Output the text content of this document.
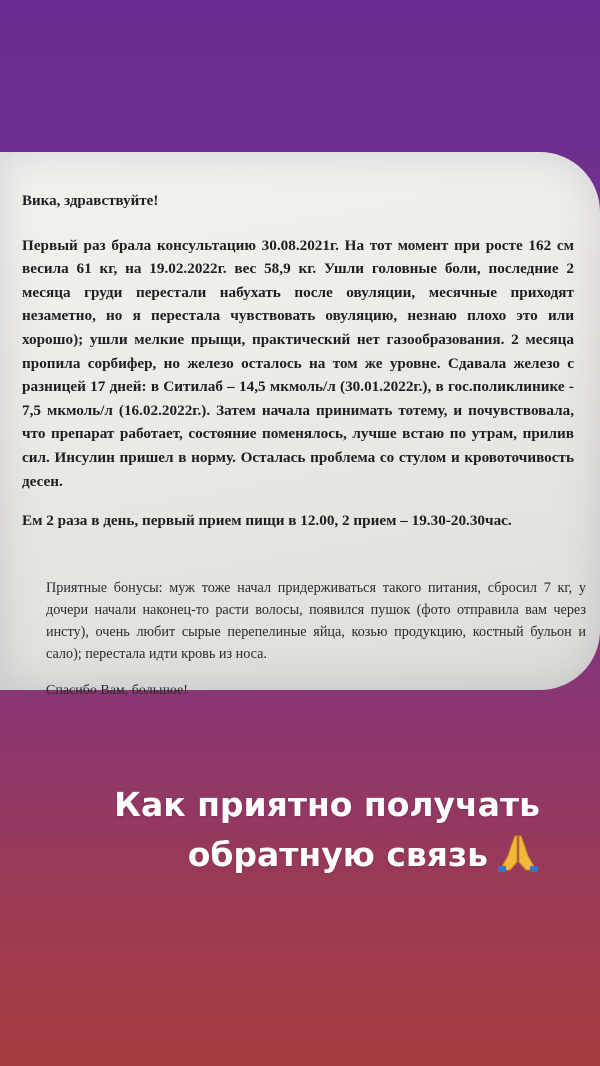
Вика, здравствуйте!

Первый раз брала консультацию 30.08.2021г. На тот момент при росте 162 см весила 61 кг, на 19.02.2022г. вес 58,9 кг. Ушли головные боли, последние 2 месяца груди перестали набухать после овуляции, месячные приходят незаметно, но я перестала чувствовать овуляцию, незнаю плохо это или хорошо); ушли мелкие прыщи, практический нет газообразования. 2 месяца пропила сорбифер, но железо осталось на том же уровне. Сдавала железо с разницей 17 дней: в Ситилаб – 14,5 мкмоль/л (30.01.2022г.), в гос.поликлинике - 7,5 мкмоль/л (16.02.2022г.). Затем начала принимать тотему, и почувствовала, что препарат работает, состояние поменялось, лучше встаю по утрам, прилив сил. Инсулин пришел в норму. Осталась проблема со стулом и кровоточивость десен.

Ем 2 раза в день, первый прием пищи в 12.00, 2 прием – 19.30-20.30час.

Приятные бонусы: муж тоже начал придерживаться такого питания, сбросил 7 кг, у дочери начали наконец-то расти волосы, появился пушок (фото отправила вам через инсту), очень любит сырые перепелиные яйца, козью продукцию, костный бульон и сало); перестала идти кровь из носа.

Спасибо Вам, большое!

Как приятно получать
обратную связь
